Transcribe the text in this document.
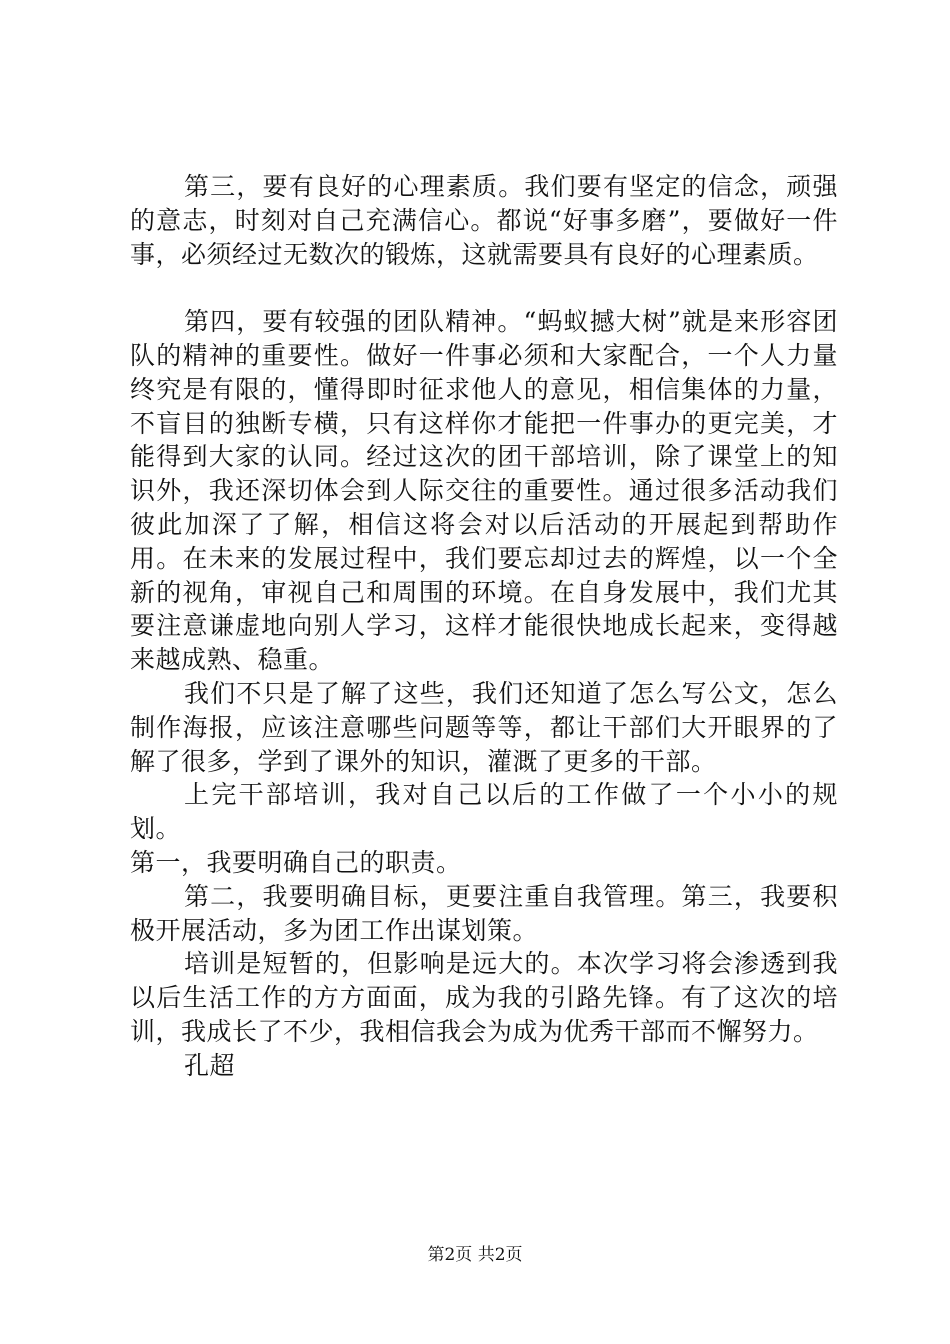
第三，要有良好的心理素质。我们要有坚定的信念，顽强的意志，时刻对自己充满信心。都说“好事多磨”，要做好一件事，必须经过无数次的锻炼，这就需要具有良好的心理素质。

第四，要有较强的团队精神。“蚂蚁撼大树”就是来形容团队的精神的重要性。做好一件事必须和大家配合，一个人力量终究是有限的，懂得即时征求他人的意见，相信集体的力量，不盲目的独断专横，只有这样你才能把一件事办的更完美，才能得到大家的认同。经过这次的团干部培训，除了课堂上的知识外，我还深切体会到人际交往的重要性。通过很多活动我们彼此加深了了解，相信这将会对以后活动的开展起到帮助作用。在未来的发展过程中，我们要忘却过去的辉煌，以一个全新的视角，审视自己和周围的环境。在自身发展中，我们尤其要注意谦虚地向别人学习，这样才能很快地成长起来，变得越来越成熟、稳重。

我们不只是了解了这些，我们还知道了怎么写公文，怎么制作海报，应该注意哪些问题等等，都让干部们大开眼界的了解了很多，学到了课外的知识，灌溉了更多的干部。

上完干部培训，我对自己以后的工作做了一个小小的规划。

第一，我要明确自己的职责。

第二，我要明确目标，更要注重自我管理。第三，我要积极开展活动，多为团工作出谋划策。

培训是短暂的，但影响是远大的。本次学习将会渗透到我以后生活工作的方方面面，成为我的引路先锋。有了这次的培训，我成长了不少，我相信我会为成为优秀干部而不懈努力。

孔超

第2页 共2页
